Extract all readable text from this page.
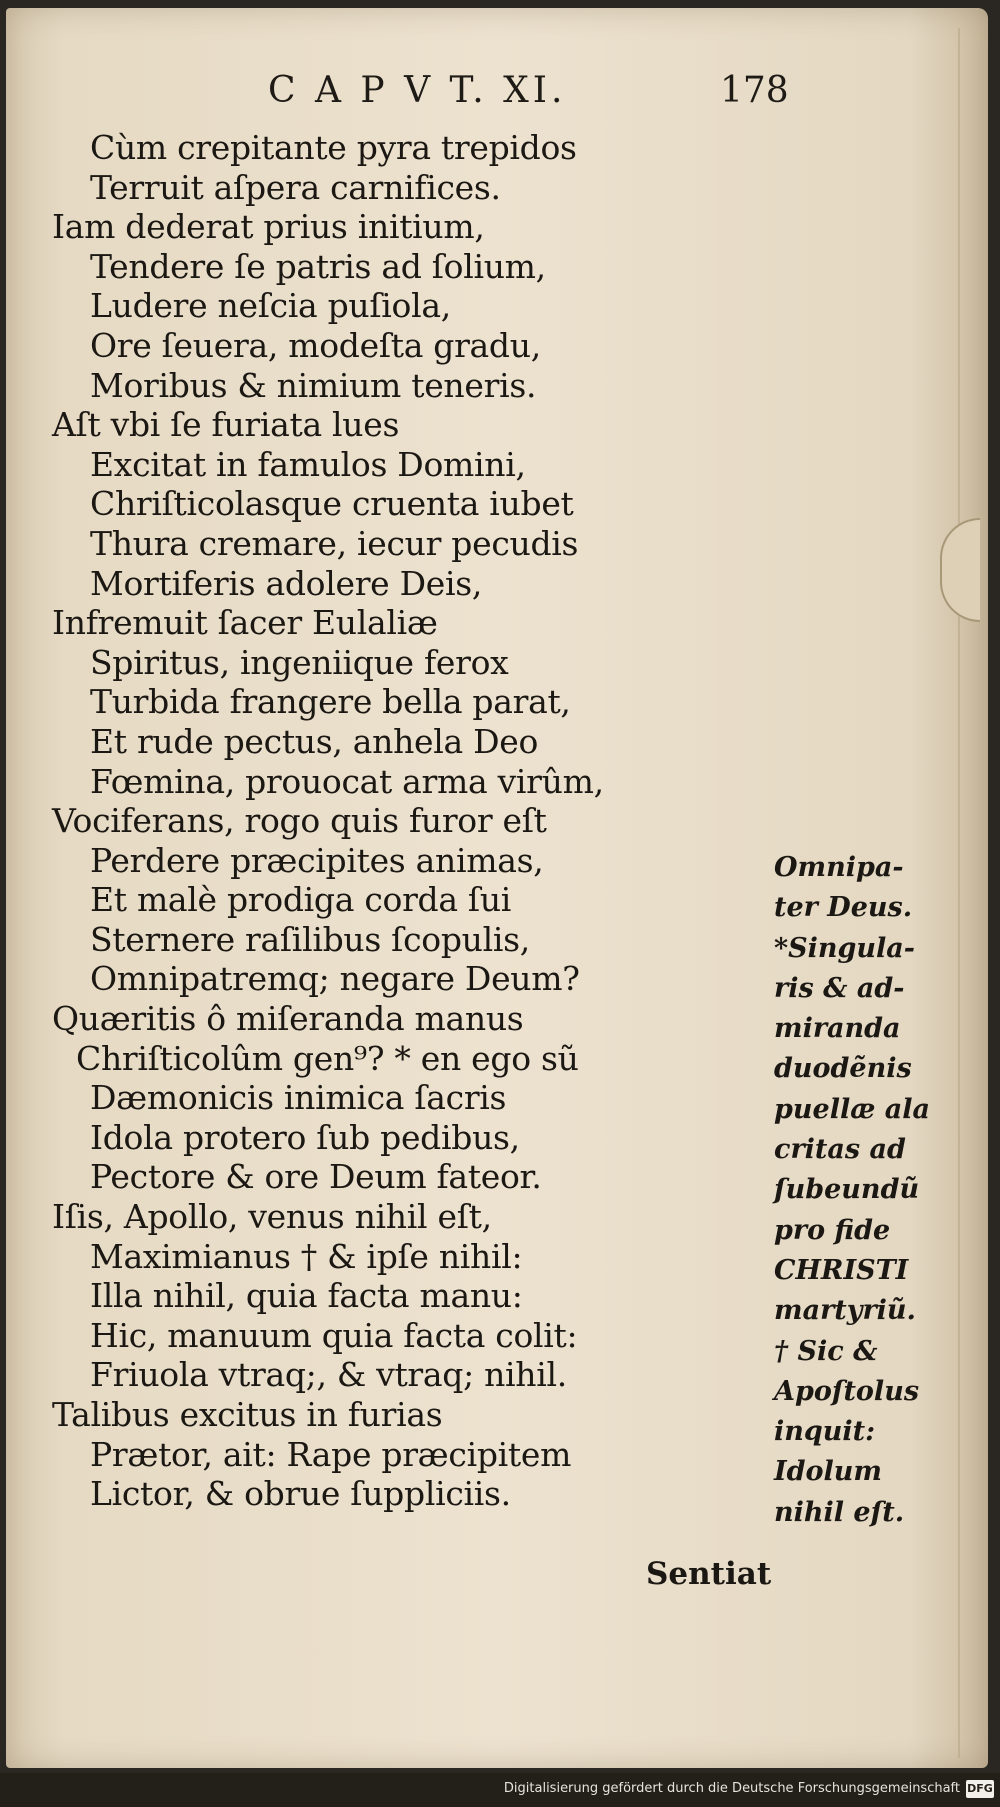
C A P V T. XI.	178
Cùm crepitante pyra trepidos
Terruit aſpera carnifices.
Iam dederat prius initium,
Tendere ſe patris ad ſolium,
Ludere neſcia puſiola,
Ore ſeuera, modeſta gradu,
Moribus & nimium teneris.
Aſt vbi ſe furiata lues
Excitat in famulos Domini,
Chriſticolasque cruenta iubet
Thura cremare, iecur pecudis
Mortiferis adolere Deis,
Infremuit ſacer Eulaliæ
Spiritus, ingeniique ferox
Turbida frangere bella parat,
Et rude pectus, anhela Deo
Fœmina, prouocat arma virûm,
Vociferans, rogo quis furor eſt
Perdere præcipites animas,
Et malè prodiga corda ſui
Sternere raſilibus ſcopulis,
Omnipatremq; negare Deum?
Quæritis ô miſeranda manus
Chriſticolûm gen⁹? * en ego sũ
Dæmonicis inimica ſacris
Idola protero ſub pedibus,
Pectore & ore Deum fateor.
Iſis, Apollo, venus nihil eſt,
Maximianus † & ipſe nihil:
Illa nihil, quia facta manu:
Hic, manuum quia facta colit:
Friuola vtraq;, & vtraq; nihil.
Talibus excitus in furias
Prætor, ait: Rape præcipitem
Lictor, & obrue ſuppliciis.
Omnipa-
ter Deus.
*Singula-
ris & ad-
miranda
duodẽnis
puellæ ala
critas ad
ſubeundũ
pro fide
CHRISTI
martyriũ.
† Sic &
Apoſtolus
inquit:
Idolum
nihil eſt.
Sentiat
Digitalisierung gefördert durch die Deutsche Forschungsgemeinschaft DFG
